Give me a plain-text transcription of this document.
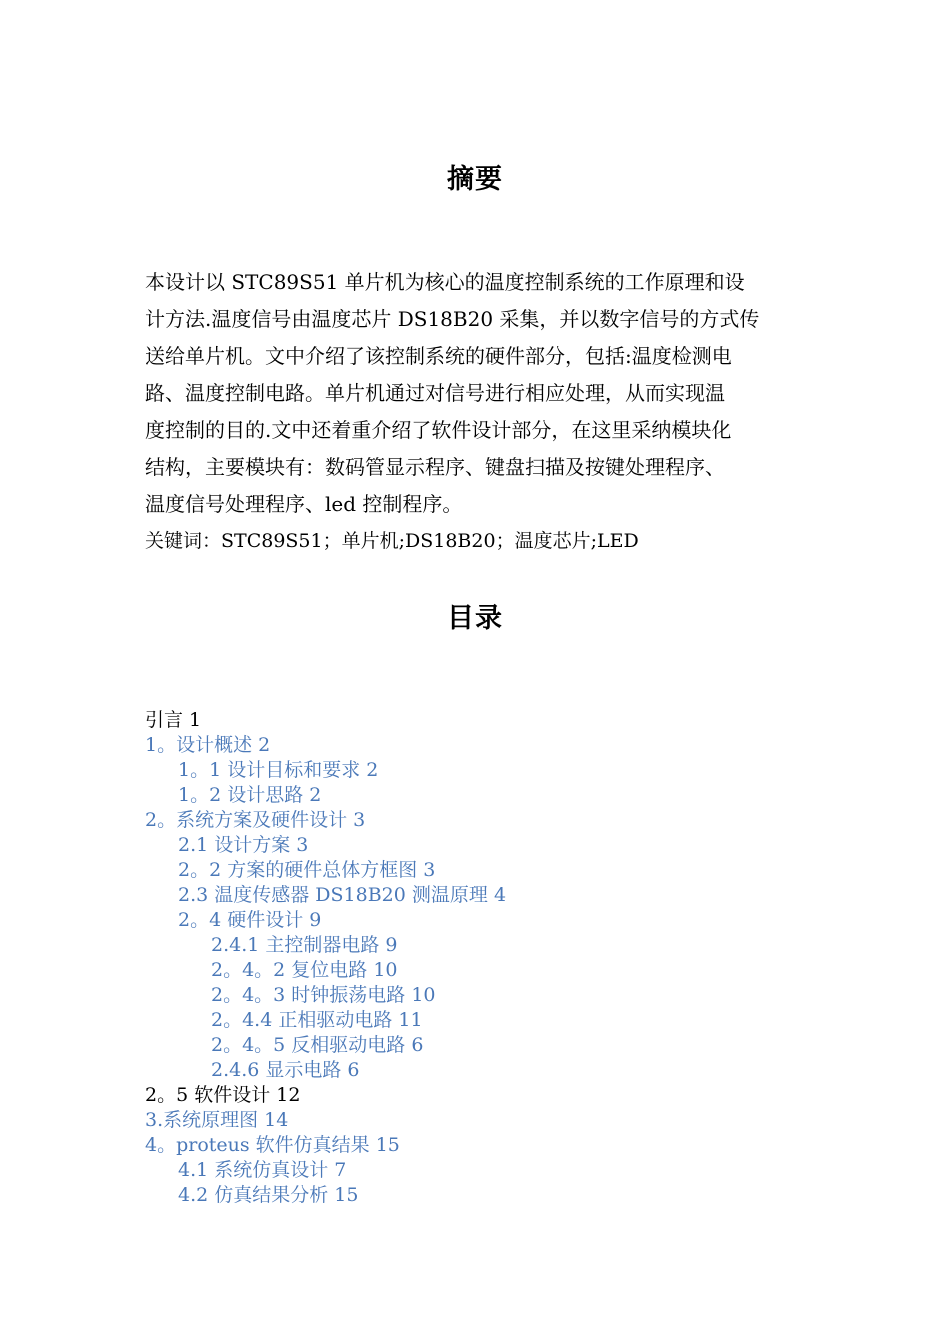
摘要
本设计以 STC89S51 单片机为核心的温度控制系统的工作原理和设
计方法.温度信号由温度芯片 DS18B20 采集，并以数字信号的方式传
送给单片机。文中介绍了该控制系统的硬件部分，包括:温度检测电
路、温度控制电路。单片机通过对信号进行相应处理，从而实现温
度控制的目的.文中还着重介绍了软件设计部分，在这里采纳模块化
结构，主要模块有：数码管显示程序、键盘扫描及按键处理程序、
温度信号处理程序、led 控制程序。
关键词：STC89S51；单片机;DS18B20；温度芯片;LED
目录
引言 1
1。设计概述 2
1。1 设计目标和要求 2
1。2 设计思路 2
2。系统方案及硬件设计 3
2.1 设计方案 3
2。2 方案的硬件总体方框图 3
2.3 温度传感器 DS18B20 测温原理 4
2。4 硬件设计 9
2.4.1 主控制器电路 9
2。4。2 复位电路 10
2。4。3 时钟振荡电路 10
2。4.4 正相驱动电路 11
2。4。5 反相驱动电路 6
2.4.6 显示电路 6
2。5 软件设计 12
3.系统原理图 14
4。proteus 软件仿真结果 15
4.1 系统仿真设计 7
4.2 仿真结果分析 15
